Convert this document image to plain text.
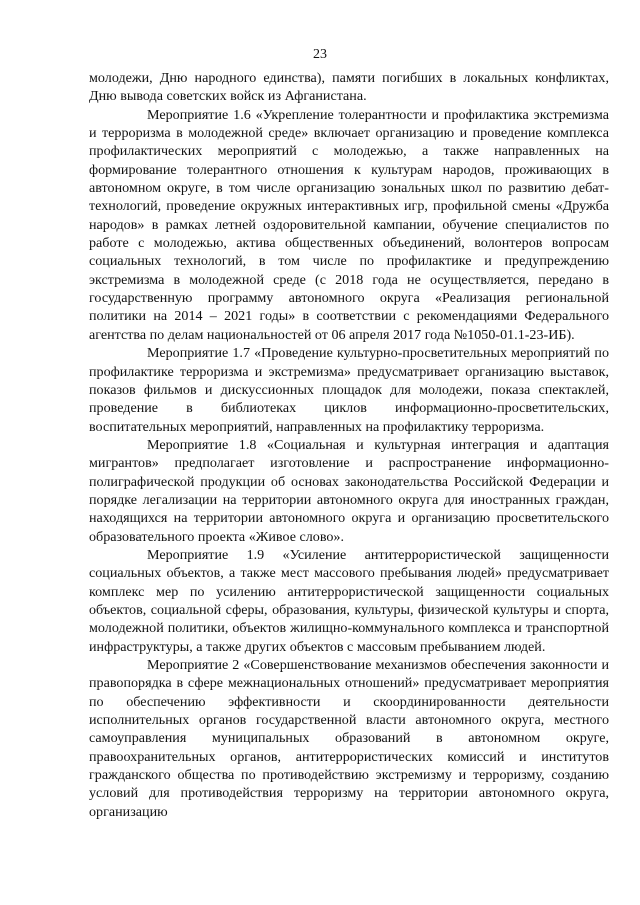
23

молодежи, Дню народного единства), памяти погибших в локальных конфликтах, Дню вывода советских войск из Афганистана.

Мероприятие 1.6 «Укрепление толерантности и профилактика экстремизма и терроризма в молодежной среде» включает организацию и проведение комплекса профилактических мероприятий с молодежью, а также направленных на формирование толерантного отношения к культурам народов, проживающих в автономном округе, в том числе организацию зональных школ по развитию дебат-технологий, проведение окружных интерактивных игр, профильной смены «Дружба народов» в рамках летней оздоровительной кампании, обучение специалистов по работе с молодежью, актива общественных объединений, волонтеров вопросам социальных технологий, в том числе по профилактике и предупреждению экстремизма в молодежной среде (с 2018 года не осуществляется, передано в государственную программу автономного округа «Реализация региональной политики на 2014 – 2021 годы» в соответствии с рекомендациями Федерального агентства по делам национальностей от 06 апреля 2017 года №1050-01.1-23-ИБ).

Мероприятие 1.7 «Проведение культурно-просветительных мероприятий по профилактике терроризма и экстремизма» предусматривает организацию выставок, показов фильмов и дискуссионных площадок для молодежи, показа спектаклей, проведение в библиотеках циклов информационно-просветительских, воспитательных мероприятий, направленных на профилактику терроризма.

Мероприятие 1.8 «Социальная и культурная интеграция и адаптация мигрантов» предполагает изготовление и распространение информационно-полиграфической продукции об основах законодательства Российской Федерации и порядке легализации на территории автономного округа для иностранных граждан, находящихся на территории автономного округа и организацию просветительского образовательного проекта «Живое слово».

Мероприятие 1.9 «Усиление антитеррористической защищенности социальных объектов, а также мест массового пребывания людей» предусматривает комплекс мер по усилению антитеррористической защищенности социальных объектов, социальной сферы, образования, культуры, физической культуры и спорта, молодежной политики, объектов жилищно-коммунального комплекса и транспортной инфраструктуры, а также других объектов с массовым пребыванием людей.

Мероприятие 2 «Совершенствование механизмов обеспечения законности и правопорядка в сфере межнациональных отношений» предусматривает мероприятия по обеспечению эффективности и скоординированности деятельности исполнительных органов государственной власти автономного округа, местного самоуправления муниципальных образований в автономном округе, правоохранительных органов, антитеррористических комиссий и институтов гражданского общества по противодействию экстремизму и терроризму, созданию условий для противодействия терроризму на территории автономного округа, организацию
